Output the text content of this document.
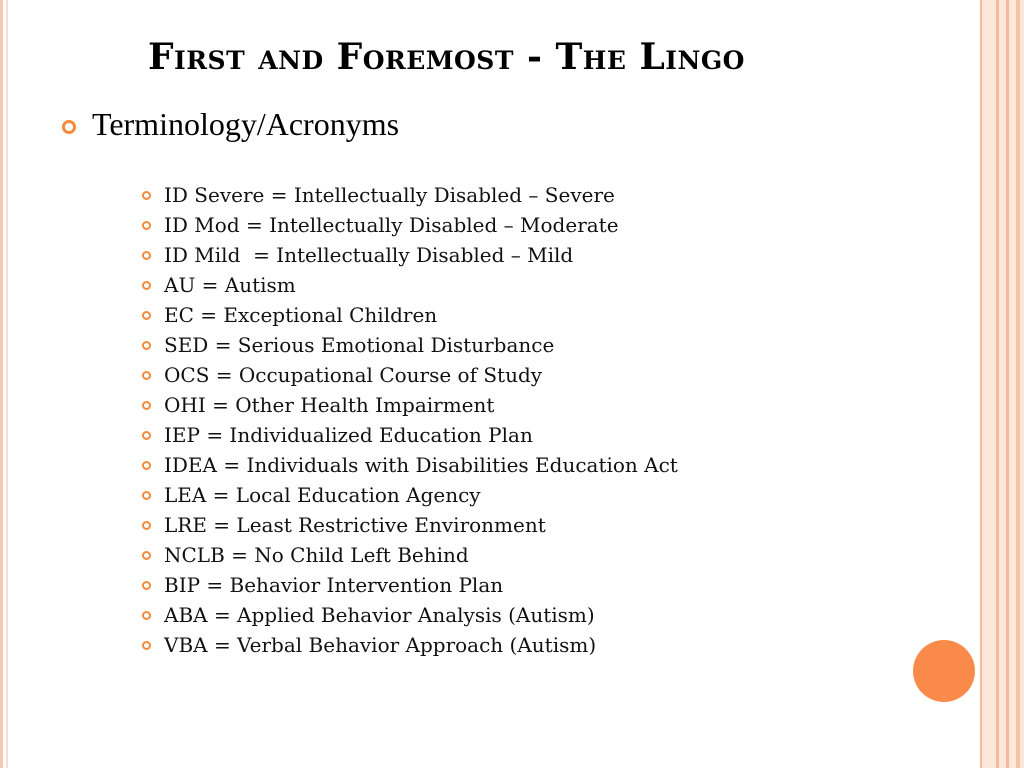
First and Foremost - The Lingo
Terminology/Acronyms
ID Severe = Intellectually Disabled – Severe
ID Mod = Intellectually Disabled – Moderate
ID Mild  = Intellectually Disabled – Mild
AU = Autism
EC = Exceptional Children
SED = Serious Emotional Disturbance
OCS = Occupational Course of Study
OHI = Other Health Impairment
IEP = Individualized Education Plan
IDEA = Individuals with Disabilities Education Act
LEA = Local Education Agency
LRE = Least Restrictive Environment
NCLB = No Child Left Behind
BIP = Behavior Intervention Plan
ABA = Applied Behavior Analysis (Autism)
VBA = Verbal Behavior Approach (Autism)
